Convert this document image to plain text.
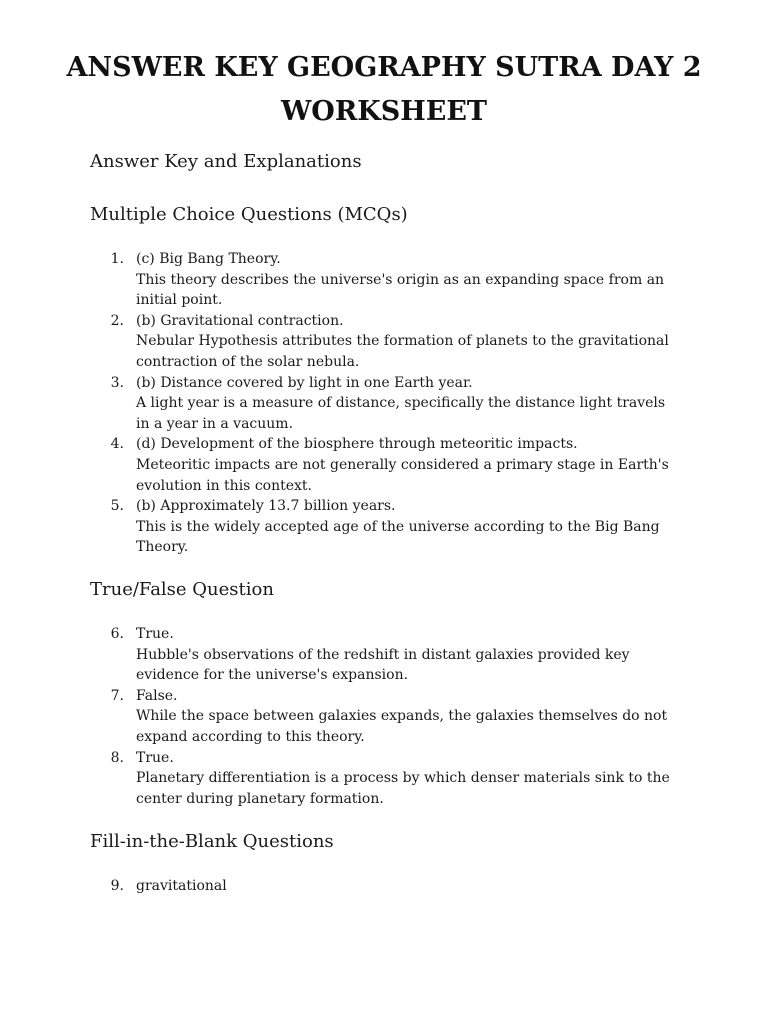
ANSWER KEY GEOGRAPHY SUTRA DAY 2
WORKSHEET
Answer Key and Explanations
Multiple Choice Questions (MCQs)
1. (c) Big Bang Theory.
This theory describes the universe's origin as an expanding space from an initial point.
2. (b) Gravitational contraction.
Nebular Hypothesis attributes the formation of planets to the gravitational contraction of the solar nebula.
3. (b) Distance covered by light in one Earth year.
A light year is a measure of distance, specifically the distance light travels in a year in a vacuum.
4. (d) Development of the biosphere through meteoritic impacts.
Meteoritic impacts are not generally considered a primary stage in Earth's evolution in this context.
5. (b) Approximately 13.7 billion years.
This is the widely accepted age of the universe according to the Big Bang Theory.
True/False Question
6. True.
Hubble's observations of the redshift in distant galaxies provided key evidence for the universe's expansion.
7. False.
While the space between galaxies expands, the galaxies themselves do not expand according to this theory.
8. True.
Planetary differentiation is a process by which denser materials sink to the center during planetary formation.
Fill-in-the-Blank Questions
9. gravitational
